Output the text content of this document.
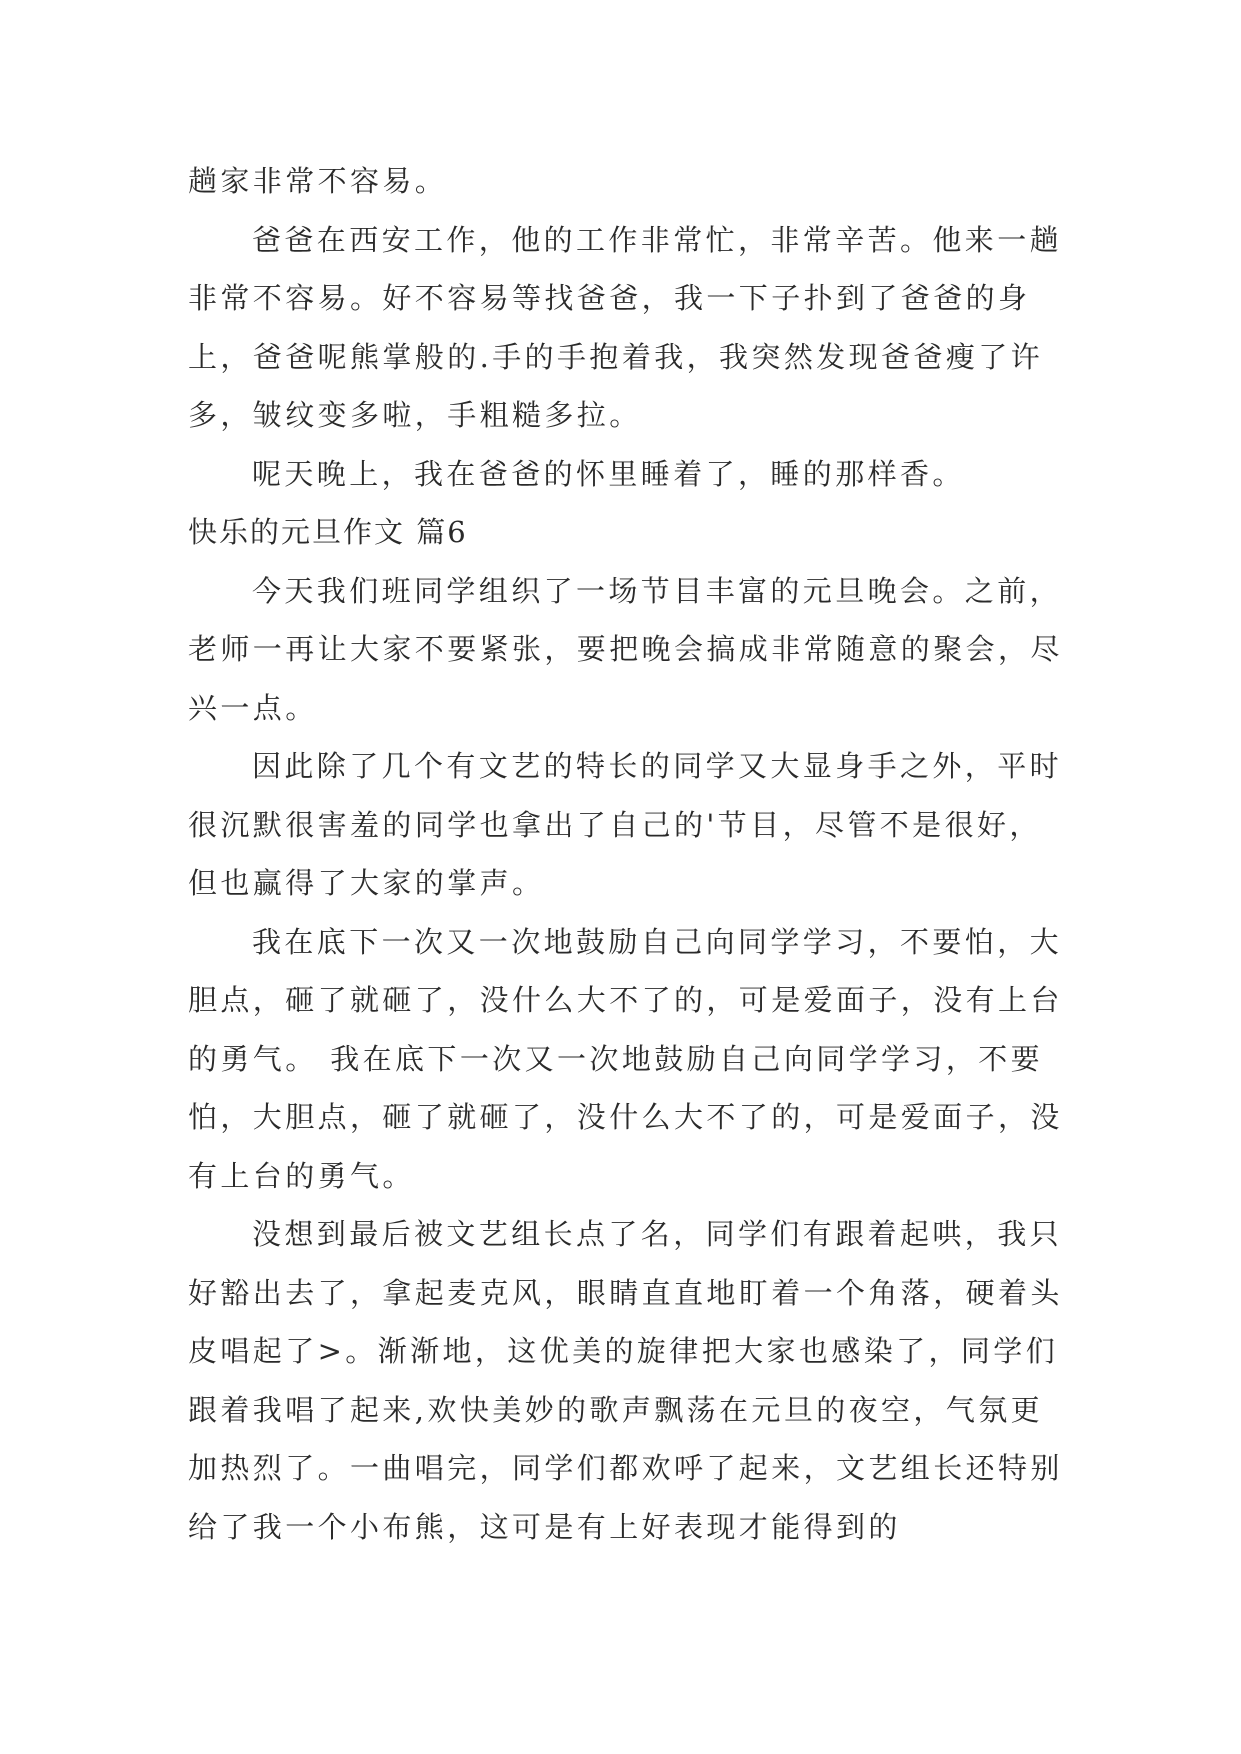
趟家非常不容易。

爸爸在西安工作，他的工作非常忙，非常辛苦。他来一趟非常不容易。好不容易等找爸爸，我一下子扑到了爸爸的身上，爸爸呢熊掌般的.手的手抱着我，我突然发现爸爸瘦了许多，皱纹变多啦，手粗糙多拉。

呢天晚上，我在爸爸的怀里睡着了，睡的那样香。

快乐的元旦作文 篇6

今天我们班同学组织了一场节目丰富的元旦晚会。之前，老师一再让大家不要紧张，要把晚会搞成非常随意的聚会，尽兴一点。

因此除了几个有文艺的特长的同学又大显身手之外，平时很沉默很害羞的同学也拿出了自己的'节目，尽管不是很好，但也赢得了大家的掌声。

我在底下一次又一次地鼓励自己向同学学习，不要怕，大胆点，砸了就砸了，没什么大不了的，可是爱面子，没有上台的勇气。 我在底下一次又一次地鼓励自己向同学学习，不要怕，大胆点，砸了就砸了，没什么大不了的，可是爱面子，没有上台的勇气。

没想到最后被文艺组长点了名，同学们有跟着起哄，我只好豁出去了，拿起麦克风，眼睛直直地盯着一个角落，硬着头皮唱起了>。渐渐地，这优美的旋律把大家也感染了，同学们跟着我唱了起来,欢快美妙的歌声飘荡在元旦的夜空，气氛更加热烈了。一曲唱完，同学们都欢呼了起来，文艺组长还特别给了我一个小布熊，这可是有上好表现才能得到的
